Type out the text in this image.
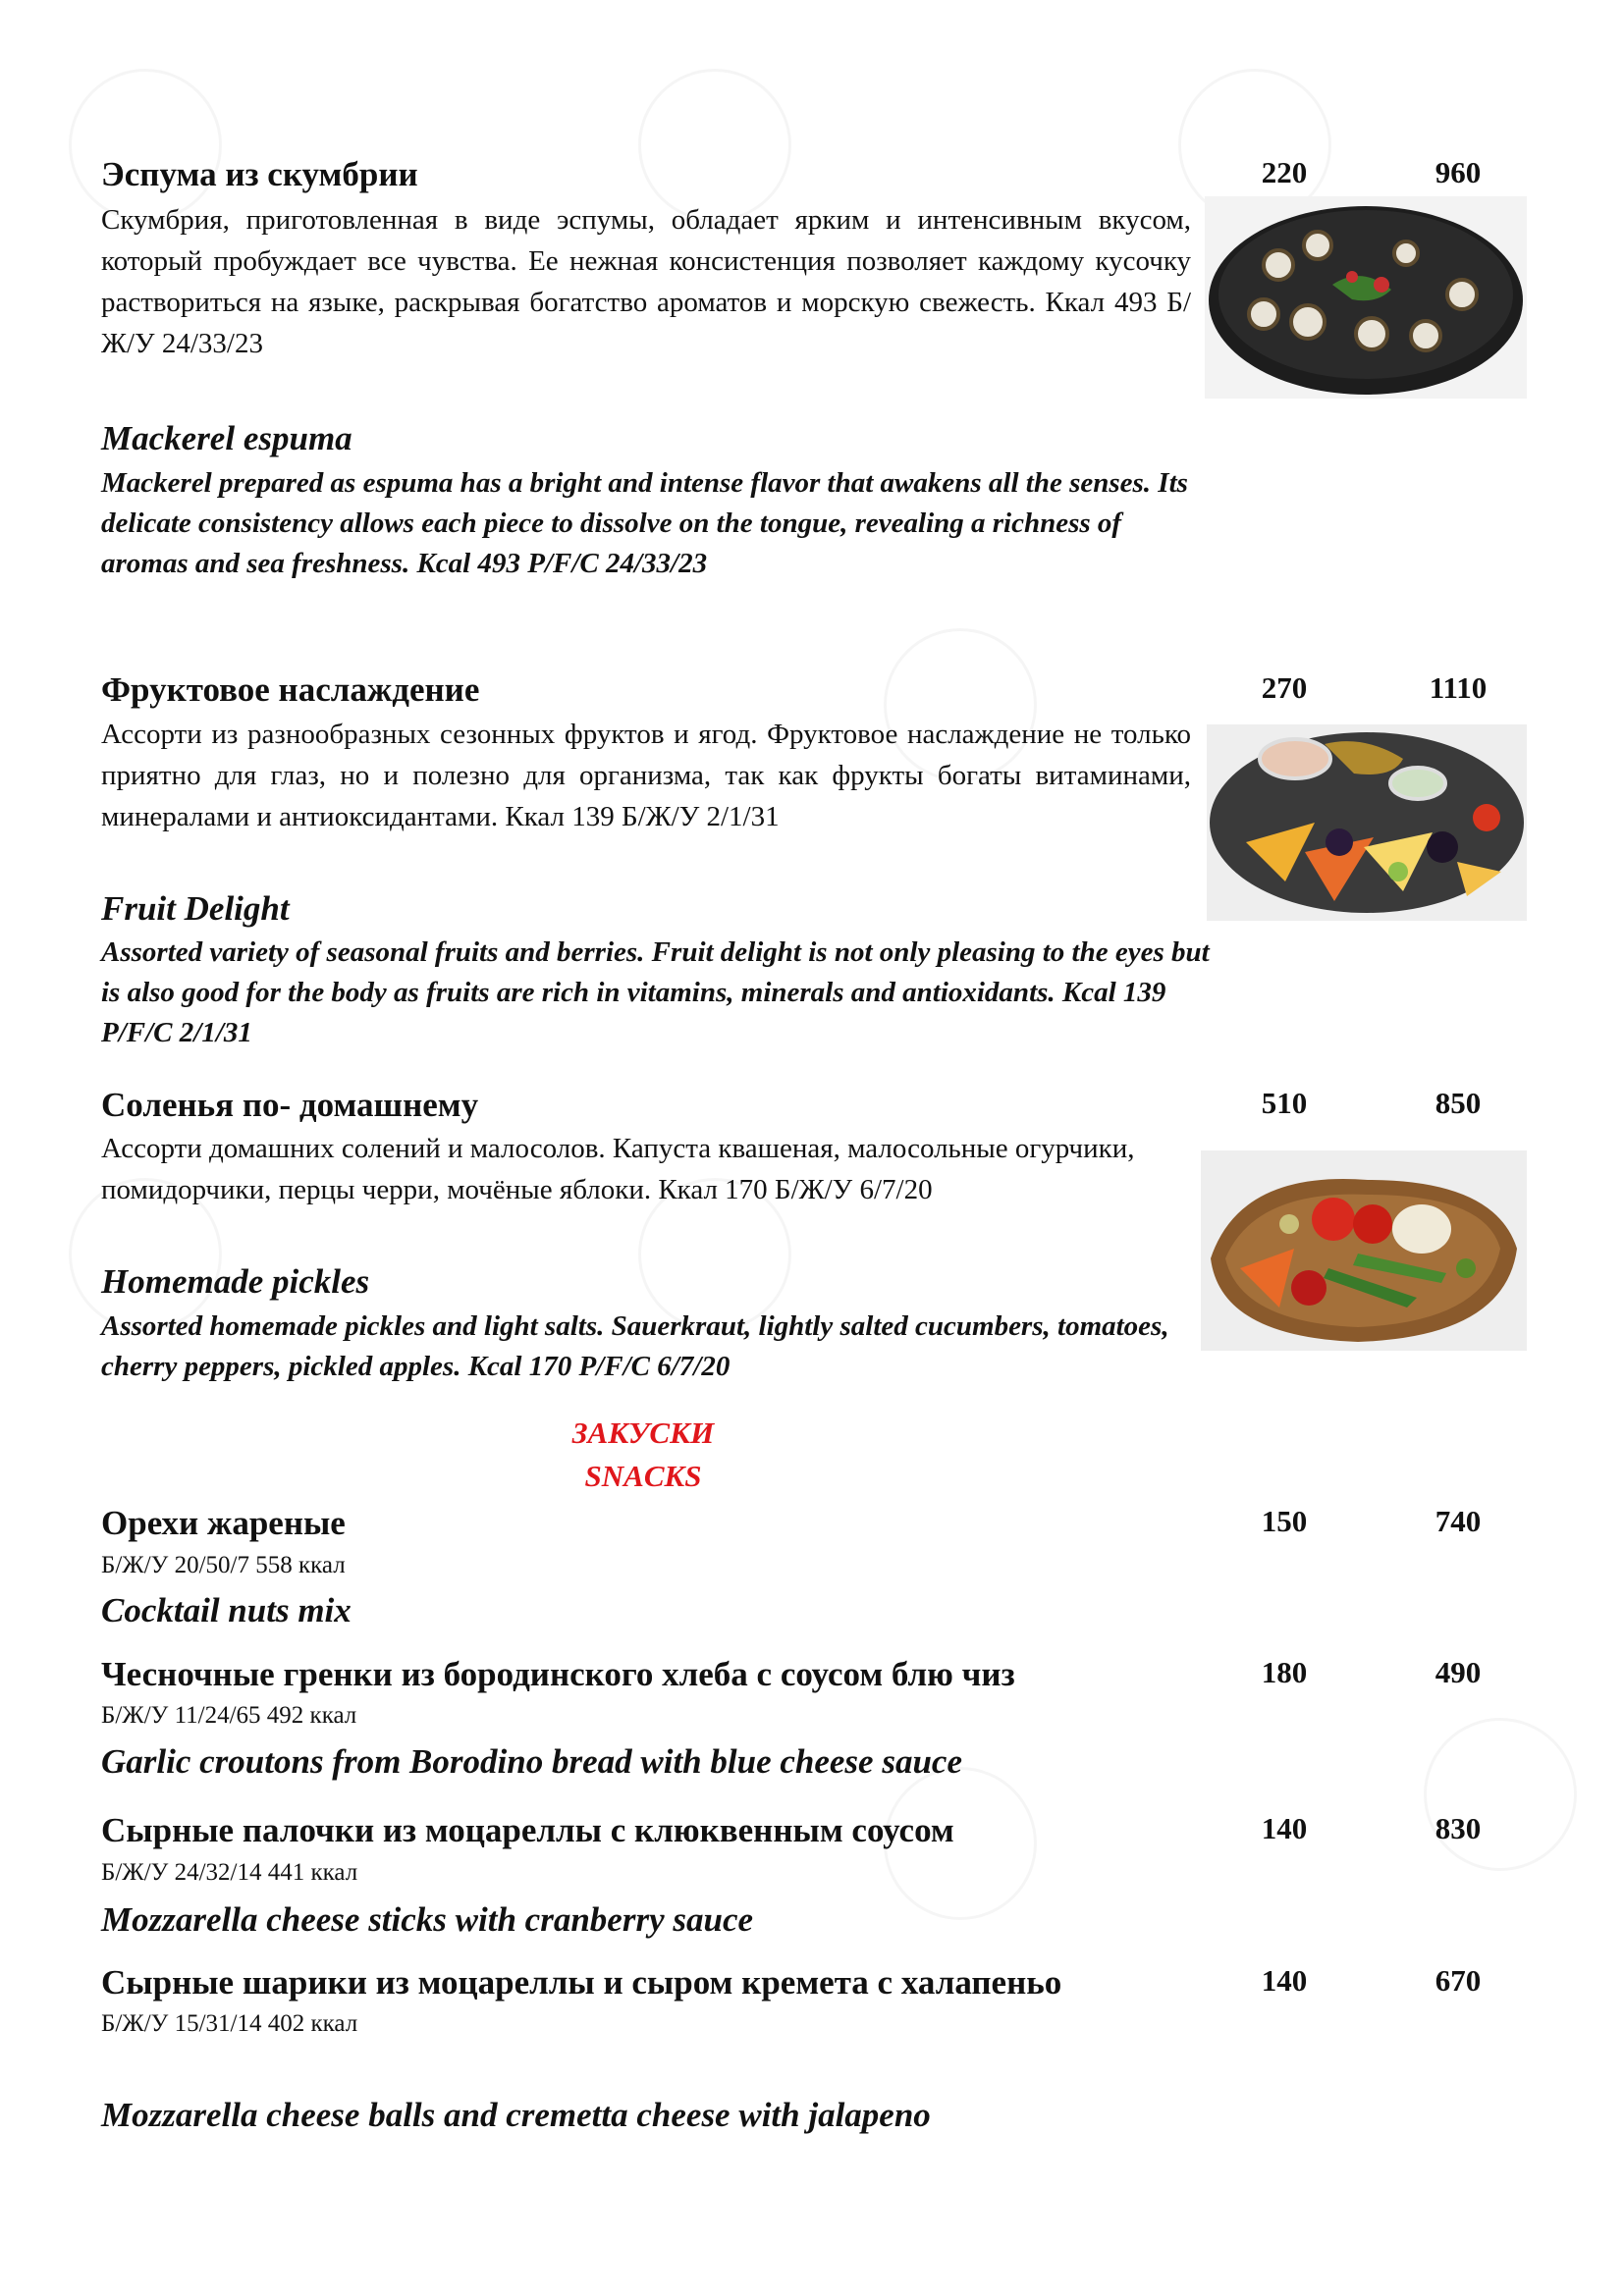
Эспума из скумбрии	220	960
Скумбрия, приготовленная в виде эспумы, обладает ярким и интенсивным вкусом, который пробуждает все чувства. Ее нежная консистенция позволяет каждому кусочку раствориться на языке, раскрывая богатство ароматов и морскую свежесть. Ккал 493 Б/Ж/У 24/33/23
Mackerel espuma
Mackerel prepared as espuma has a bright and intense flavor that awakens all the senses. Its delicate consistency allows each piece to dissolve on the tongue, revealing a richness of aromas and sea freshness. Kcal 493 P/F/C 24/33/23
Фруктовое наслаждение	270	1110
Ассорти из разнообразных сезонных фруктов и ягод. Фруктовое наслаждение не только приятно для глаз, но и полезно для организма, так как фрукты богаты витаминами, минералами и антиоксидантами. Ккал 139 Б/Ж/У 2/1/31
Fruit Delight
Assorted variety of seasonal fruits and berries. Fruit delight is not only pleasing to the eyes but is also good for the body as fruits are rich in vitamins, minerals and antioxidants. Kcal 139 P/F/C 2/1/31
Соленья по- домашнему	510	850
Ассорти домашних солений и малосолов. Капуста квашеная, малосольные огурчики, помидорчики, перцы черри, мочёные яблоки. Ккал 170 Б/Ж/У 6/7/20
Homemade pickles
Assorted homemade pickles and light salts. Sauerkraut, lightly salted cucumbers, tomatoes, cherry peppers, pickled apples. Kcal 170 P/F/C 6/7/20
ЗАКУСКИ
SNACKS
Орехи жареные	150	740
Б/Ж/У 20/50/7 558 ккал
Cocktail nuts mix
Чесночные гренки из бородинского хлеба с соусом блю чиз	180	490
Б/Ж/У 11/24/65 492 ккал
Garlic croutons from Borodino bread with blue cheese sauce
Сырные палочки из моцареллы с клюквенным соусом	140	830
Б/Ж/У 24/32/14 441 ккал
Mozzarella cheese sticks with cranberry sauce
Сырные шарики из моцареллы и сыром кремета с халапеньо	140	670
Б/Ж/У 15/31/14 402 ккал
Mozzarella cheese balls and cremetta cheese with jalapeno
